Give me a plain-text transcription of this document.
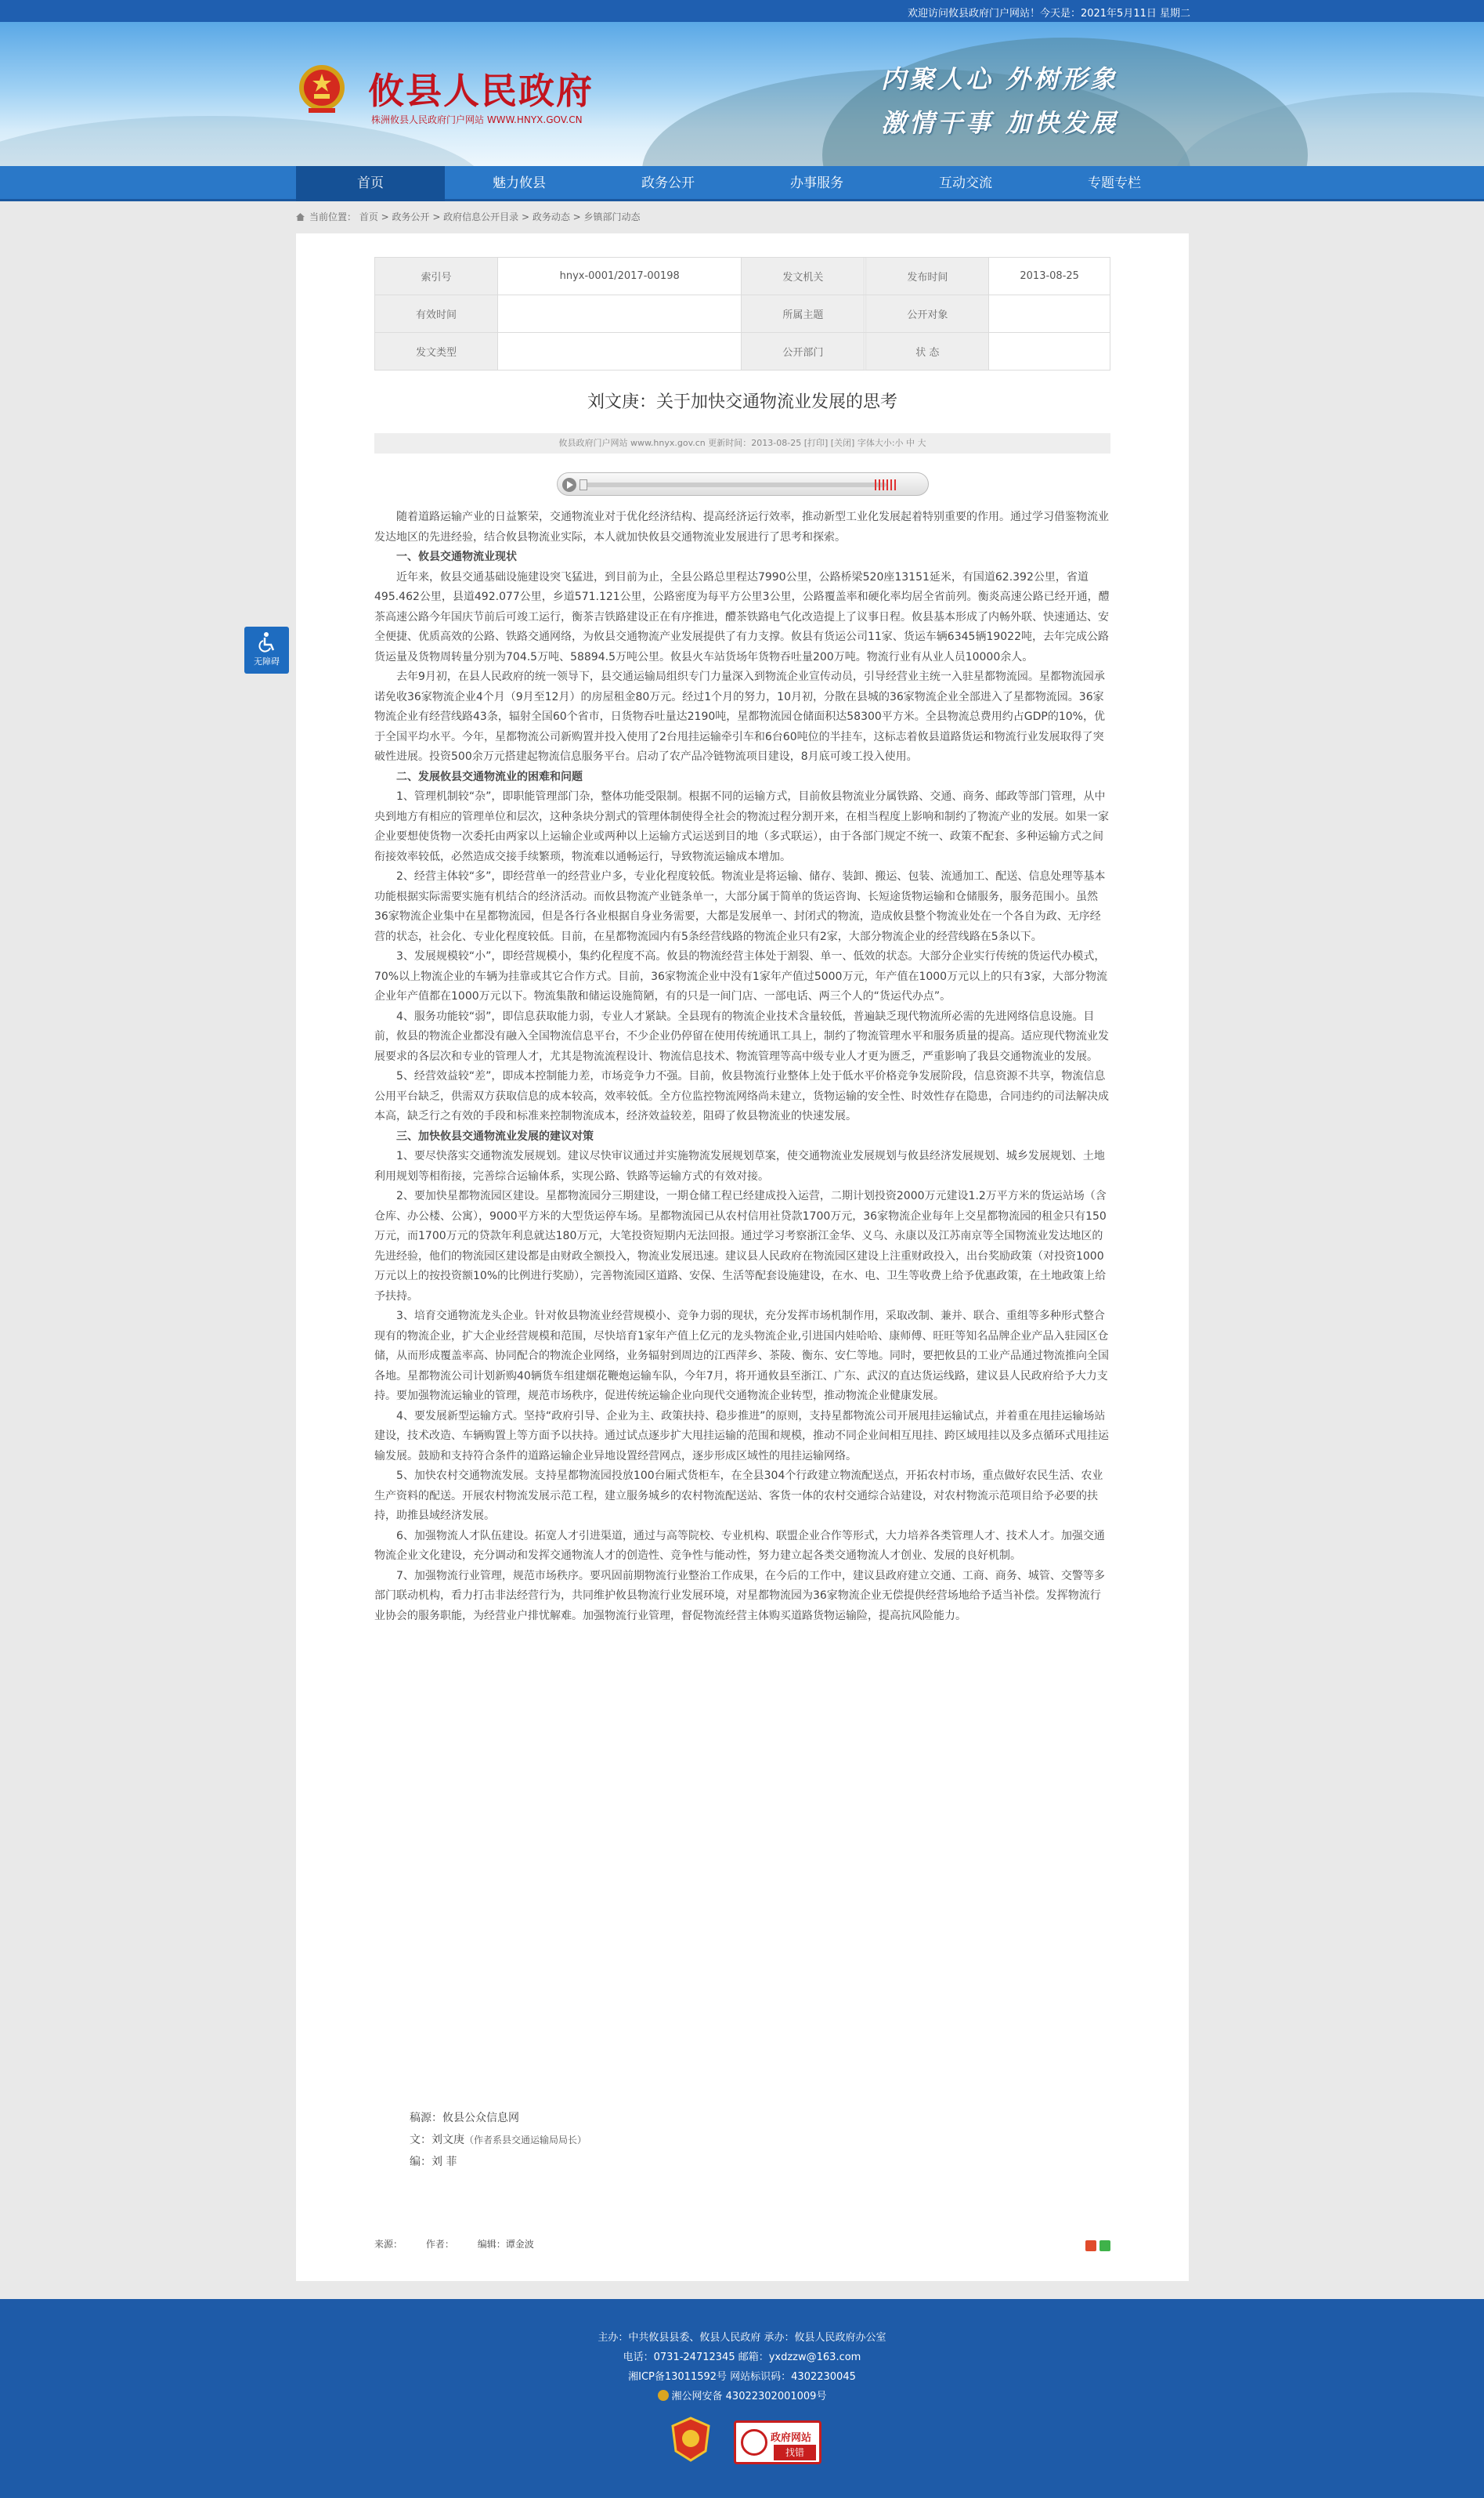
欢迎访问攸县政府门户网站！今天是：2021年5月11日 星期二
攸县人民政府
株洲攸县人民政府门户网站 WWW.HNYX.GOV.CN
内聚人心 外树形象
激情干事 加快发展
首页	魅力攸县	政务公开	办事服务	互动交流	专题专栏
当前位置： 首页 > 政务公开 > 政府信息公开目录 > 政务动态 > 乡镇部门动态
无障碍
索引号	hnyx-0001/2017-00198	发文机关		发布时间	2013-08-25
有效时间		所属主题		公开对象	
发文类型		公开部门		状 态	
刘文庚：关于加快交通物流业发展的思考
攸县政府门户网站 www.hnyx.gov.cn 更新时间：2013-08-25 [打印] [关闭] 字体大小:小 中 大

随着道路运输产业的日益繁荣，交通物流业对于优化经济结构、提高经济运行效率，推动新型工业化发展起着特别重要的作用。通过学习借鉴物流业发达地区的先进经验，结合攸县物流业实际，本人就加快攸县交通物流业发展进行了思考和探索。

一、攸县交通物流业现状

近年来，攸县交通基础设施建设突飞猛进，到目前为止，全县公路总里程达7990公里，公路桥梁520座13151延米，有国道62.392公里，省道495.462公里，县道492.077公里，乡道571.121公里，公路密度为每平方公里3公里，公路覆盖率和硬化率均居全省前列。衡炎高速公路已经开通，醴茶高速公路今年国庆节前后可竣工运行，衡茶吉铁路建设正在有序推进，醴茶铁路电气化改造提上了议事日程。攸县基本形成了内畅外联、快速通达、安全便捷、优质高效的公路、铁路交通网络，为攸县交通物流产业发展提供了有力支撑。攸县有货运公司11家、货运车辆6345辆19022吨，去年完成公路货运量及货物周转量分别为704.5万吨、58894.5万吨公里。攸县火车站货场年货物吞吐量200万吨。物流行业有从业人员10000余人。

去年9月初，在县人民政府的统一领导下，县交通运输局组织专门力量深入到物流企业宣传动员，引导经营业主统一入驻星都物流园。星都物流园承诺免收36家物流企业4个月（9月至12月）的房屋租金80万元。经过1个月的努力，10月初，分散在县城的36家物流企业全部进入了星都物流园。36家物流企业有经营线路43条，辐射全国60个省市，日货物吞吐量达2190吨，星都物流园仓储面积达58300平方米。全县物流总费用约占GDP的10%，优于全国平均水平。今年，星都物流公司新购置并投入使用了2台甩挂运输牵引车和6台60吨位的半挂车，这标志着攸县道路货运和物流行业发展取得了突破性进展。投资500余万元搭建起物流信息服务平台。启动了农产品冷链物流项目建设，8月底可竣工投入使用。

二、发展攸县交通物流业的困难和问题

1、管理机制较“杂”，即职能管理部门杂，整体功能受限制。根据不同的运输方式，目前攸县物流业分属铁路、交通、商务、邮政等部门管理，从中央到地方有相应的管理单位和层次，这种条块分割式的管理体制使得全社会的物流过程分割开来，在相当程度上影响和制约了物流产业的发展。如果一家企业要想使货物一次委托由两家以上运输企业或两种以上运输方式运送到目的地（多式联运），由于各部门规定不统一、政策不配套、多种运输方式之间衔接效率较低，必然造成交接手续繁琐，物流难以通畅运行，导致物流运输成本增加。

2、经营主体较“多”，即经营单一的经营业户多，专业化程度较低。物流业是将运输、储存、装卸、搬运、包装、流通加工、配送、信息处理等基本功能根据实际需要实施有机结合的经济活动。而攸县物流产业链条单一，大部分属于简单的货运咨询、长短途货物运输和仓储服务，服务范围小。虽然36家物流企业集中在星都物流园，但是各行各业根据自身业务需要，大都是发展单一、封闭式的物流，造成攸县整个物流业处在一个各自为政、无序经营的状态，社会化、专业化程度较低。目前，在星都物流园内有5条经营线路的物流企业只有2家，大部分物流企业的经营线路在5条以下。

3、发展规模较“小”，即经营规模小，集约化程度不高。攸县的物流经营主体处于割裂、单一、低效的状态。大部分企业实行传统的货运代办模式，70%以上物流企业的车辆为挂靠或其它合作方式。目前，36家物流企业中没有1家年产值过5000万元，年产值在1000万元以上的只有3家，大部分物流企业年产值都在1000万元以下。物流集散和储运设施简陋，有的只是一间门店、一部电话、两三个人的“货运代办点”。

4、服务功能较“弱”，即信息获取能力弱，专业人才紧缺。全县现有的物流企业技术含量较低，普遍缺乏现代物流所必需的先进网络信息设施。目前，攸县的物流企业都没有融入全国物流信息平台，不少企业仍停留在使用传统通讯工具上，制约了物流管理水平和服务质量的提高。适应现代物流业发展要求的各层次和专业的管理人才，尤其是物流流程设计、物流信息技术、物流管理等高中级专业人才更为匮乏，严重影响了我县交通物流业的发展。

5、经营效益较“差”，即成本控制能力差，市场竞争力不强。目前，攸县物流行业整体上处于低水平价格竞争发展阶段，信息资源不共享，物流信息公用平台缺乏，供需双方获取信息的成本较高，效率较低。全方位监控物流网络尚未建立，货物运输的安全性、时效性存在隐患，合同违约的司法解决成本高，缺乏行之有效的手段和标准来控制物流成本，经济效益较差，阻碍了攸县物流业的快速发展。

三、加快攸县交通物流业发展的建议对策

1、要尽快落实交通物流发展规划。建议尽快审议通过并实施物流发展规划草案，使交通物流业发展规划与攸县经济发展规划、城乡发展规划、土地利用规划等相衔接，完善综合运输体系，实现公路、铁路等运输方式的有效对接。

2、要加快星都物流园区建设。星都物流园分三期建设，一期仓储工程已经建成投入运营，二期计划投资2000万元建设1.2万平方米的货运站场（含仓库、办公楼、公寓），9000平方米的大型货运停车场。星都物流园已从农村信用社贷款1700万元，36家物流企业每年上交星都物流园的租金只有150万元，而1700万元的贷款年利息就达180万元，大笔投资短期内无法回报。通过学习考察浙江金华、义乌、永康以及江苏南京等全国物流业发达地区的先进经验，他们的物流园区建设都是由财政全额投入，物流业发展迅速。建议县人民政府在物流园区建设上注重财政投入，出台奖励政策（对投资1000万元以上的按投资额10%的比例进行奖励），完善物流园区道路、安保、生活等配套设施建设，在水、电、卫生等收费上给予优惠政策，在土地政策上给予扶持。

3、培育交通物流龙头企业。针对攸县物流业经营规模小、竞争力弱的现状，充分发挥市场机制作用，采取改制、兼并、联合、重组等多种形式整合现有的物流企业，扩大企业经营规模和范围，尽快培育1家年产值上亿元的龙头物流企业,引进国内娃哈哈、康师傅、旺旺等知名品牌企业产品入驻园区仓储，从而形成覆盖率高、协同配合的物流企业网络，业务辐射到周边的江西萍乡、茶陵、衡东、安仁等地。同时，要把攸县的工业产品通过物流推向全国各地。星都物流公司计划新购40辆货车组建烟花鞭炮运输车队，今年7月，将开通攸县至浙江、广东、武汉的直达货运线路，建议县人民政府给予大力支持。要加强物流运输业的管理，规范市场秩序，促进传统运输企业向现代交通物流企业转型，推动物流企业健康发展。

4、要发展新型运输方式。坚持“政府引导、企业为主、政策扶持、稳步推进”的原则，支持星都物流公司开展甩挂运输试点，并着重在甩挂运输场站建设，技术改造、车辆购置上等方面予以扶持。通过试点逐步扩大甩挂运输的范围和规模，推动不同企业间相互甩挂、跨区域甩挂以及多点循环式甩挂运输发展。鼓励和支持符合条件的道路运输企业异地设置经营网点，逐步形成区域性的甩挂运输网络。

5、加快农村交通物流发展。支持星都物流园投放100台厢式货柜车，在全县304个行政建立物流配送点，开拓农村市场，重点做好农民生活、农业生产资料的配送。开展农村物流发展示范工程，建立服务城乡的农村物流配送站、客货一体的农村交通综合站建设，对农村物流示范项目给予必要的扶持，助推县域经济发展。

6、加强物流人才队伍建设。拓宽人才引进渠道，通过与高等院校、专业机构、联盟企业合作等形式，大力培养各类管理人才、技术人才。加强交通物流企业文化建设，充分调动和发挥交通物流人才的创造性、竞争性与能动性，努力建立起各类交通物流人才创业、发展的良好机制。

7、加强物流行业管理，规范市场秩序。要巩固前期物流行业整治工作成果，在今后的工作中，建议县政府建立交通、工商、商务、城管、交警等多部门联动机构，看力打击非法经营行为，共同维护攸县物流行业发展环境，对星都物流园为36家物流企业无偿提供经营场地给予适当补偿。发挥物流行业协会的服务职能，为经营业户排忧解难。加强物流行业管理，督促物流经营主体购买道路货物运输险，提高抗风险能力。

稿源：攸县公众信息网
文：刘文庚（作者系县交通运输局局长）
编：刘 菲
来源： 作者： 编辑：谭金波
主办：中共攸县县委、攸县人民政府 承办：攸县人民政府办公室
电话：0731-24712345 邮箱：yxdzzw@163.com
湘ICP备13011592号 网站标识码：4302230045
湘公网安备 43022302001009号
政府网站
找错
